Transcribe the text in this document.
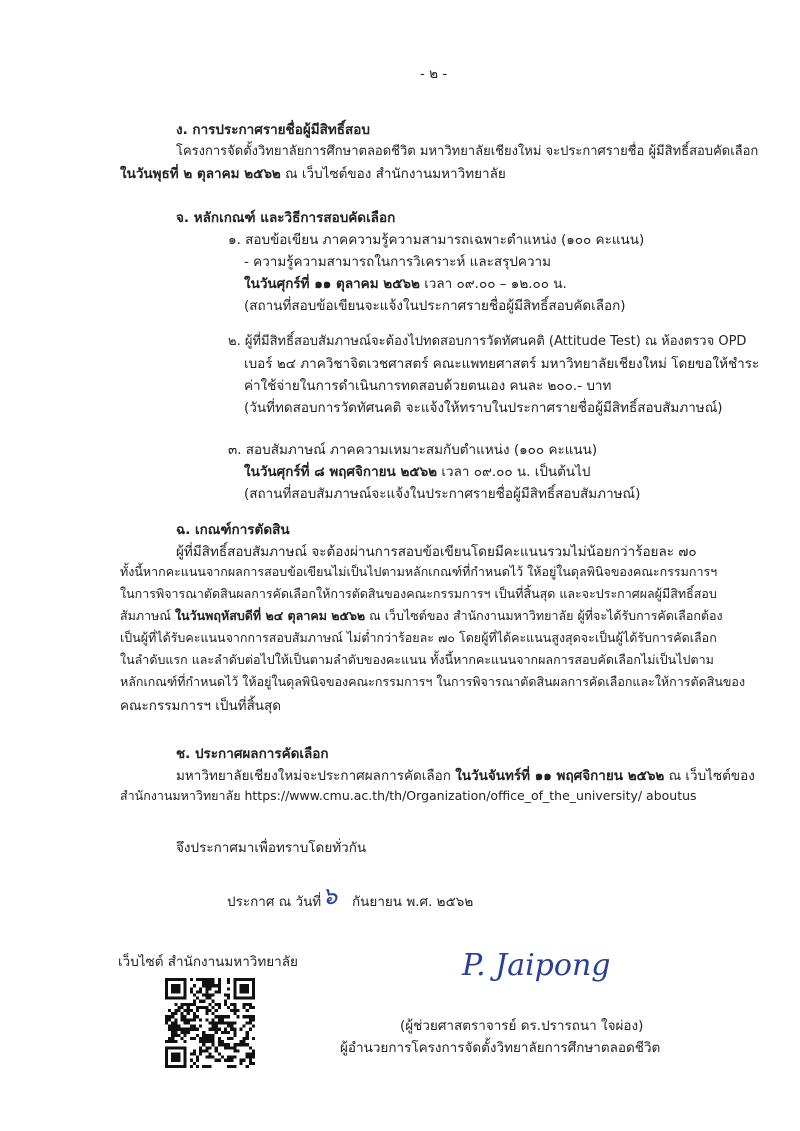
- ๒ -
ง. การประกาศรายชื่อผู้มีสิทธิ์สอบ
โครงการจัดตั้งวิทยาลัยการศึกษาตลอดชีวิต มหาวิทยาลัยเชียงใหม่ จะประกาศรายชื่อ ผู้มีสิทธิ์สอบคัดเลือก
ในวันพุธที่ ๒ ตุลาคม ๒๕๖๒ ณ เว็บไซต์ของ สำนักงานมหาวิทยาลัย
จ. หลักเกณฑ์ และวิธีการสอบคัดเลือก
๑. สอบข้อเขียน ภาคความรู้ความสามารถเฉพาะตำแหน่ง (๑๐๐ คะแนน)
- ความรู้ความสามารถในการวิเคราะห์ และสรุปความ
ในวันศุกร์ที่ ๑๑ ตุลาคม ๒๕๖๒ เวลา ๐๙.๐๐ – ๑๒.๐๐ น.
(สถานที่สอบข้อเขียนจะแจ้งในประกาศรายชื่อผู้มีสิทธิ์สอบคัดเลือก)
๒. ผู้ที่มีสิทธิ์สอบสัมภาษณ์จะต้องไปทดสอบการวัดทัศนคติ (Attitude Test) ณ ห้องตรวจ OPD
เบอร์ ๒๔ ภาควิชาจิตเวชศาสตร์ คณะแพทยศาสตร์ มหาวิทยาลัยเชียงใหม่ โดยขอให้ชำระ
ค่าใช้จ่ายในการดำเนินการทดสอบด้วยตนเอง คนละ ๒๐๐.- บาท
(วันที่ทดสอบการวัดทัศนคติ จะแจ้งให้ทราบในประกาศรายชื่อผู้มีสิทธิ์สอบสัมภาษณ์)
๓. สอบสัมภาษณ์ ภาคความเหมาะสมกับตำแหน่ง (๑๐๐ คะแนน)
ในวันศุกร์ที่ ๘ พฤศจิกายน ๒๕๖๒ เวลา ๐๙.๐๐ น. เป็นต้นไป
(สถานที่สอบสัมภาษณ์จะแจ้งในประกาศรายชื่อผู้มีสิทธิ์สอบสัมภาษณ์)
ฉ. เกณฑ์การตัดสิน
ผู้ที่มีสิทธิ์สอบสัมภาษณ์ จะต้องผ่านการสอบข้อเขียนโดยมีคะแนนรวมไม่น้อยกว่าร้อยละ ๗๐
ทั้งนี้หากคะแนนจากผลการสอบข้อเขียนไม่เป็นไปตามหลักเกณฑ์ที่กำหนดไว้ ให้อยู่ในดุลพินิจของคณะกรรมการฯ
ในการพิจารณาตัดสินผลการคัดเลือกให้การตัดสินของคณะกรรมการฯ เป็นที่สิ้นสุด และจะประกาศผลผู้มีสิทธิ์สอบ
สัมภาษณ์ ในวันพฤหัสบดีที่ ๒๔ ตุลาคม ๒๕๖๒ ณ เว็บไซต์ของ สำนักงานมหาวิทยาลัย ผู้ที่จะได้รับการคัดเลือกต้อง
เป็นผู้ที่ได้รับคะแนนจากการสอบสัมภาษณ์ ไม่ต่ำกว่าร้อยละ ๗๐ โดยผู้ที่ได้คะแนนสูงสุดจะเป็นผู้ได้รับการคัดเลือก
ในลำดับแรก และลำดับต่อไปให้เป็นตามลำดับของคะแนน ทั้งนี้หากคะแนนจากผลการสอบคัดเลือกไม่เป็นไปตาม
หลักเกณฑ์ที่กำหนดไว้ ให้อยู่ในดุลพินิจของคณะกรรมการฯ ในการพิจารณาตัดสินผลการคัดเลือกและให้การตัดสินของ
คณะกรรมการฯ เป็นที่สิ้นสุด
ช. ประกาศผลการคัดเลือก
มหาวิทยาลัยเชียงใหม่จะประกาศผลการคัดเลือก ในวันจันทร์ที่ ๑๑ พฤศจิกายน ๒๕๖๒ ณ เว็บไซต์ของ
สำนักงานมหาวิทยาลัย https://www.cmu.ac.th/th/Organization/office_of_the_university/ aboutus
จึงประกาศมาเพื่อทราบโดยทั่วกัน
ประกาศ ณ วันที่ ๖ กันยายน พ.ศ. ๒๕๖๒
เว็บไซต์ สำนักงานมหาวิทยาลัย	P. Jaipong
(ผู้ช่วยศาสตราจารย์ ดร.ปรารถนา ใจผ่อง)
ผู้อำนวยการโครงการจัดตั้งวิทยาลัยการศึกษาตลอดชีวิต
